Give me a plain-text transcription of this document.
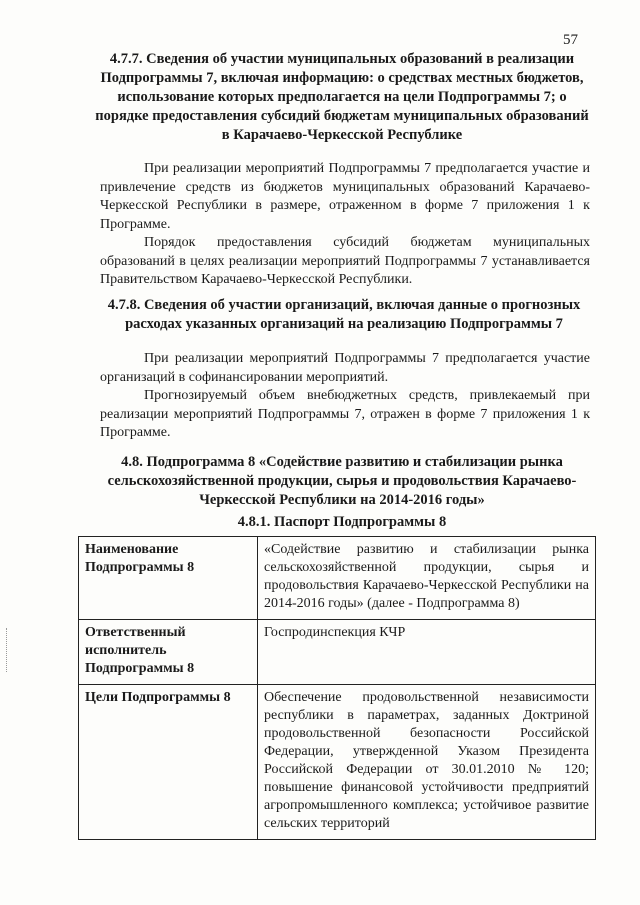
57
4.7.7. Сведения об участии муниципальных образований в реализации Подпрограммы 7, включая информацию: о средствах местных бюджетов, использование которых предполагается на цели Подпрограммы 7; о порядке предоставления субсидий бюджетам муниципальных образований в Карачаево-Черкесской Республике

При реализации мероприятий Подпрограммы 7 предполагается участие и привлечение средств из бюджетов муниципальных образований Карачаево-Черкесской Республики в размере, отраженном в форме 7 приложения 1 к Программе.

Порядок предоставления субсидий бюджетам муниципальных образований в целях реализации мероприятий Подпрограммы 7 устанавливается Правительством Карачаево-Черкесской Республики.

4.7.8. Сведения об участии организаций, включая данные о прогнозных расходах указанных организаций на реализацию Подпрограммы 7

При реализации мероприятий Подпрограммы 7 предполагается участие организаций в софинансировании мероприятий.

Прогнозируемый объем внебюджетных средств, привлекаемый при реализации мероприятий Подпрограммы 7, отражен в форме 7 приложения 1 к Программе.

4.8. Подпрограмма 8 «Содействие развитию и стабилизации рынка сельскохозяйственной продукции, сырья и продовольствия Карачаево-Черкесской Республики на 2014-2016 годы»
4.8.1. Паспорт Подпрограммы 8
Наименование Подпрограммы 8	«Содействие развитию и стабилизации рынка сельскохозяйственной продукции, сырья и продовольствия Карачаево-Черкесской Республики на 2014-2016 годы» (далее - Подпрограмма 8)
Ответственный исполнитель Подпрограммы 8	Госпродинспекция КЧР
Цели Подпрограммы 8	Обеспечение продовольственной независимости республики в параметрах, заданных Доктриной продовольственной безопасности Российской Федерации, утвержденной Указом Президента Российской Федерации от 30.01.2010 № 120; повышение финансовой устойчивости предприятий агропромышленного комплекса; устойчивое развитие сельских территорий
